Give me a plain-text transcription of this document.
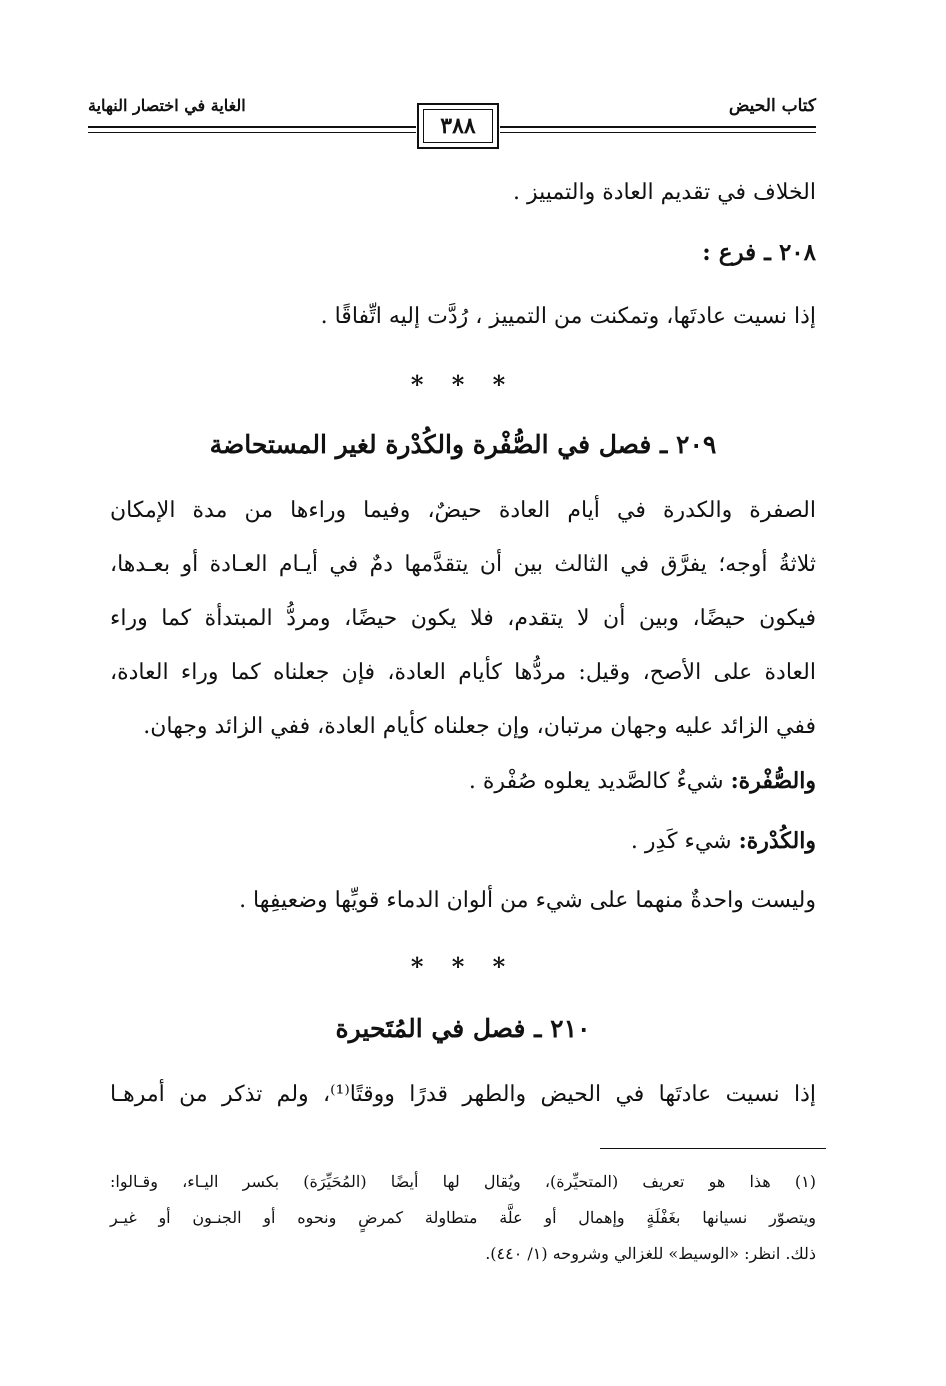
كتاب الحيض
الغاية في اختصار النهاية
٣٨٨
الخلاف في تقديم العادة والتمييز .
٢٠٨ ـ فرع :
إذا نسيت عادتَها، وتمكنت من التمييز ، رُدَّت إليه اتِّفاقًا .
* * *
٢٠٩ ـ فصل في الصُّفْرة والكُدْرة لغير المستحاضة
الصفرة والكدرة في أيام العادة حيضٌ، وفيما وراءها من مدة الإمكان
ثلاثةُ أوجه؛ يفرَّق في الثالث بين أن يتقدَّمها دمٌ في أيـام العـادة أو بعـدها،
فيكون حيضًا، وبين أن لا يتقدم، فلا يكون حيضًا، ومردُّ المبتدأة كما وراء
العادة على الأصح، وقيل: مردُّها كأيام العادة، فإن جعلناه كما وراء العادة،
ففي الزائد عليه وجهان مرتبان، وإن جعلناه كأيام العادة، ففي الزائد وجهان.
والصُّفْرة: شيءٌ كالصَّديد يعلوه صُفْرة .
والكُدْرة: شيء كَدِر .
وليست واحدةٌ منهما على شيء من ألوان الدماء قويِّها وضعيفِها .
* * *
٢١٠ ـ فصل في المُتَحيرة
إذا نسيت عادتَها في الحيض والطهر قدرًا ووقتًا⁽¹⁾، ولم تذكر من أمرهـا
(١) هذا هو تعريف (المتحيِّرة)، ويُقال لها أيضًا (المُحَيِّرَة) بكسر اليـاء، وقـالوا:
ويتصوّر نسيانها بغَفْلَةٍ وإهمال أو علَّة متطاولة كمرضٍ ونحوه أو الجنـون أو غيـر
ذلك. انظر: «الوسيط» للغزالي وشروحه (١/ ٤٤٠).
